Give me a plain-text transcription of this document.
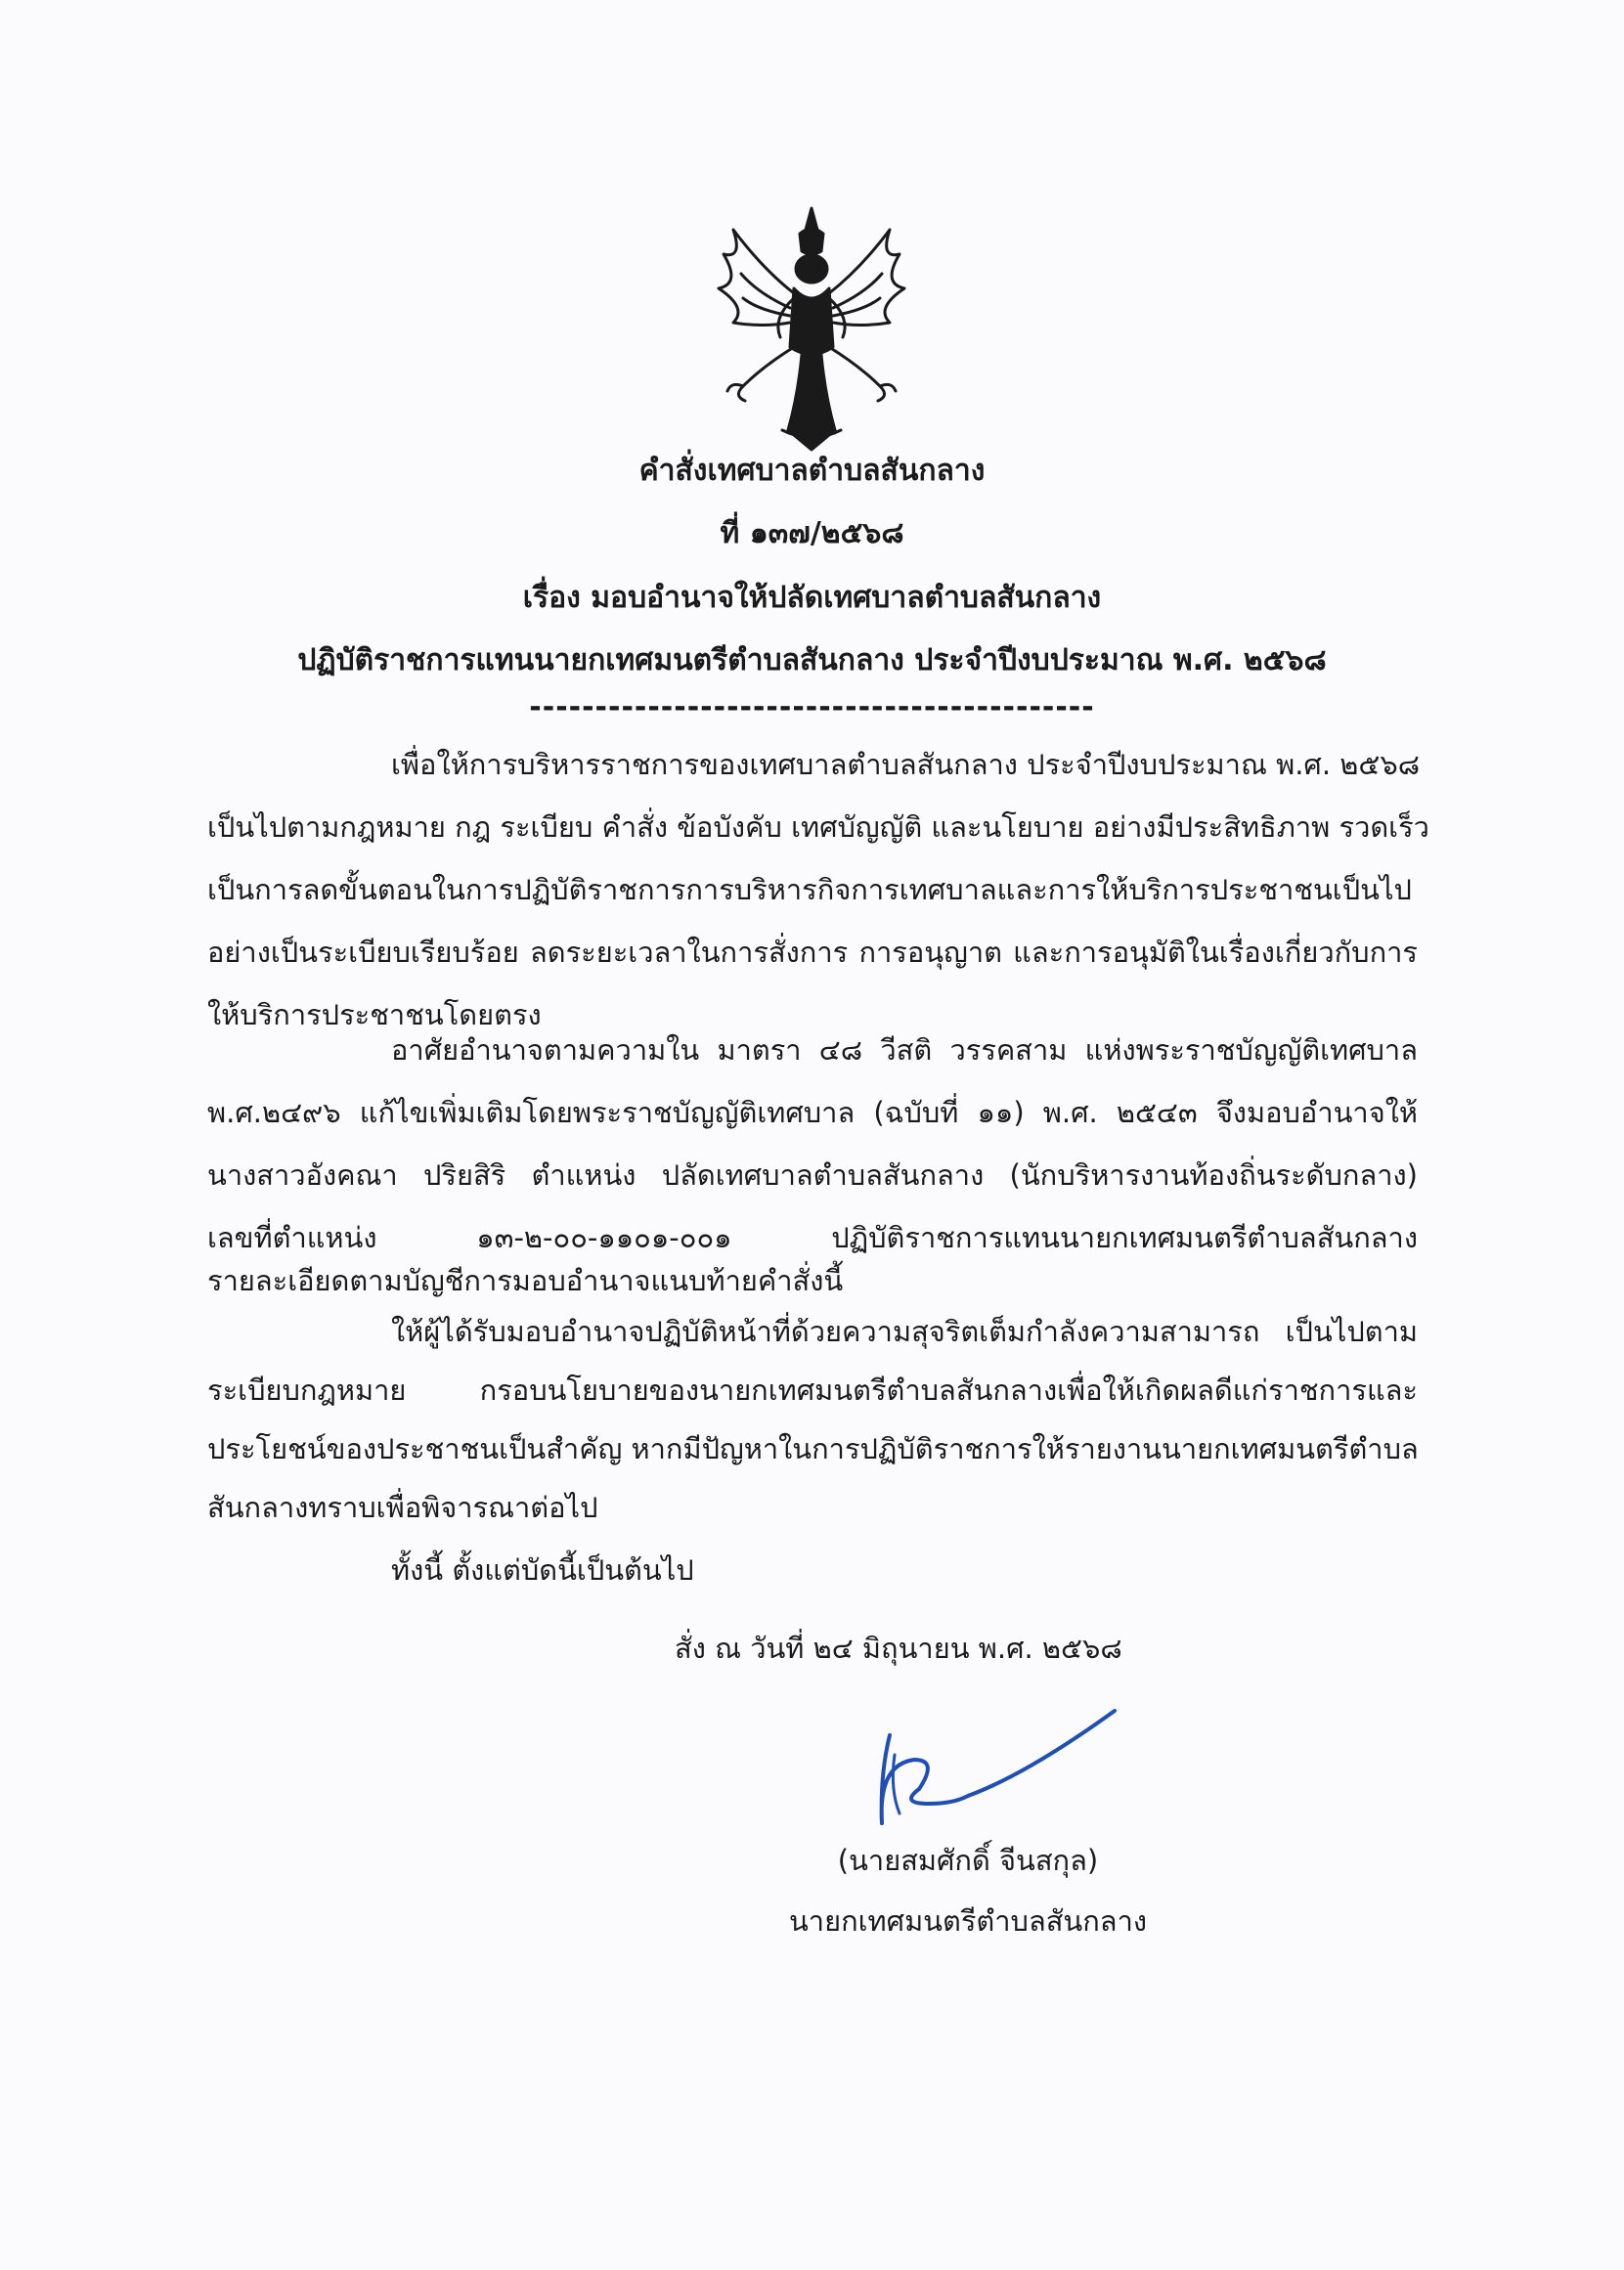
คำสั่งเทศบาลตำบลสันกลาง
ที่ ๑๓๗/๒๕๖๘
เรื่อง มอบอำนาจให้ปลัดเทศบาลตำบลสันกลาง
ปฏิบัติราชการแทนนายกเทศมนตรีตำบลสันกลาง ประจำปีงบประมาณ พ.ศ. ๒๕๖๘
-------------------------------------------
เพื่อให้การบริหารราชการของเทศบาลตำบลสันกลาง ประจำปีงบประมาณ พ.ศ. ๒๕๖๘
เป็นไปตามกฎหมาย กฎ ระเบียบ คำสั่ง ข้อบังคับ เทศบัญญัติ และนโยบาย อย่างมีประสิทธิภาพ รวดเร็ว
เป็นการลดขั้นตอนในการปฏิบัติราชการการบริหารกิจการเทศบาลและการให้บริการประชาชนเป็นไป
อย่างเป็นระเบียบเรียบร้อย ลดระยะเวลาในการสั่งการ การอนุญาต และการอนุมัติในเรื่องเกี่ยวกับการ
ให้บริการประชาชนโดยตรง
อาศัยอำนาจตามความใน มาตรา ๔๘ วีสติ วรรคสาม แห่งพระราชบัญญัติเทศบาล
พ.ศ.๒๔๙๖ แก้ไขเพิ่มเติมโดยพระราชบัญญัติเทศบาล (ฉบับที่ ๑๑) พ.ศ. ๒๕๔๓ จึงมอบอำนาจให้
นางสาวอังคณา ปริยสิริ ตำแหน่ง ปลัดเทศบาลตำบลสันกลาง (นักบริหารงานท้องถิ่นระดับกลาง)
เลขที่ตำแหน่ง ๑๓-๒-๐๐-๑๑๐๑-๐๐๑ ปฏิบัติราชการแทนนายกเทศมนตรีตำบลสันกลาง
รายละเอียดตามบัญชีการมอบอำนาจแนบท้ายคำสั่งนี้
ให้ผู้ได้รับมอบอำนาจปฏิบัติหน้าที่ด้วยความสุจริตเต็มกำลังความสามารถ เป็นไปตาม
ระเบียบกฎหมาย กรอบนโยบายของนายกเทศมนตรีตำบลสันกลางเพื่อให้เกิดผลดีแก่ราชการและ
ประโยชน์ของประชาชนเป็นสำคัญ หากมีปัญหาในการปฏิบัติราชการให้รายงานนายกเทศมนตรีตำบล
สันกลางทราบเพื่อพิจารณาต่อไป
ทั้งนี้ ตั้งแต่บัดนี้เป็นต้นไป
สั่ง ณ วันที่ ๒๔ มิถุนายน พ.ศ. ๒๕๖๘
(นายสมศักดิ์ จีนสกุล)
นายกเทศมนตรีตำบลสันกลาง
